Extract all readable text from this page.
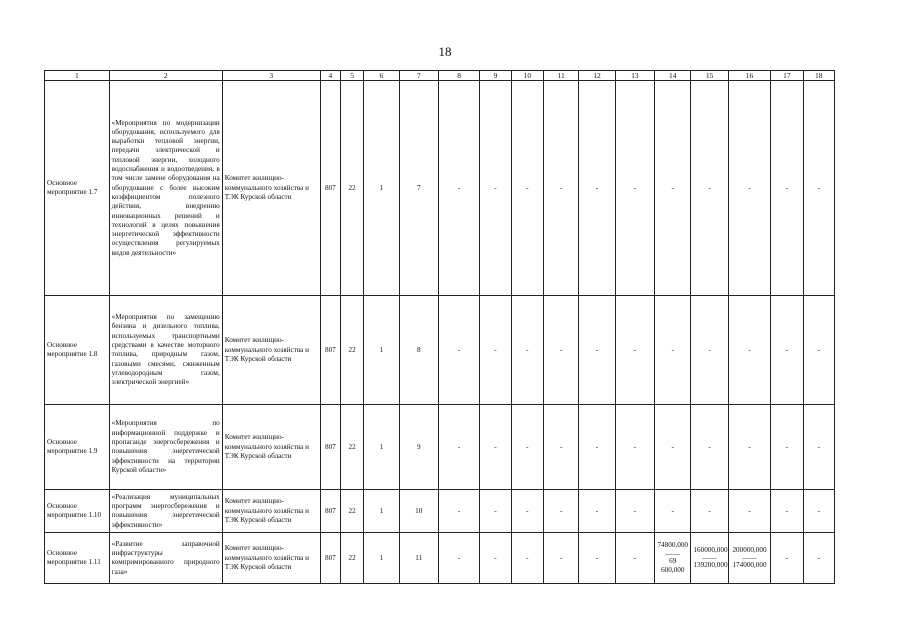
18
1	2	3	4	5	6	7	8	9	10	11	12	13	14	15	16	17	18
Основное мероприятие 1.7	«Мероприятия по модернизации оборудования, используемого для выработки тепловой энергии, передачи электрической и тепловой энергии, холодного водоснабжения и водоотведения, в том числе замене оборудования на оборудование с более высоким коэффициентом полезного действия, внедрению инновационных решений и технологий в целях повышения энергетической эффективности осуществления регулируемых видов деятельности»	Комитет жилищно-коммунального хозяйства и ТЭК Курской области	807	22	1	7	-	-	-	-	-	-	-	-	-	-	-
Основное мероприятие 1.8	«Мероприятия по замещению бензина и дизельного топлива, используемых транспортными средствами в качестве моторного топлива, природным газом, газовыми смесями, сжиженным углеводородным газом, электрической энергией»	Комитет жилищно-коммунального хозяйства и ТЭК Курской области	807	22	1	8	-	-	-	-	-	-	-	-	-	-	-
Основное мероприятие 1.9	«Мероприятия по информационной поддержке и пропаганде энергосбережения и повышения энергетической эффективности на территории Курской области»	Комитет жилищно-коммунального хозяйства и ТЭК Курской области	807	22	1	9	-	-	-	-	-	-	-	-	-	-	-
Основное мероприятие 1.10	«Реализация муниципальных программ энергосбережения и повышения энергетической эффективности»	Комитет жилищно-коммунального хозяйства и ТЭК Курской области	807	22	1	10	-	-	-	-	-	-	-	-	-	-	-
Основное мероприятие 1.11	«Развитие заправочной инфраструктуры компримированного природного газа»	Комитет жилищно-коммунального хозяйства и ТЭК Курской области	807	22	1	11	-	-	-	-	-	-	74800,000
——
69 600,000	160000,000
——
139200,000	200000,000
——
174000,000	-	-
